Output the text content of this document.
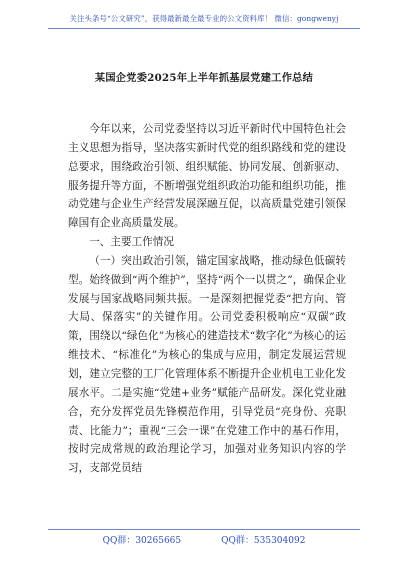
关注头条号“公文研究”，获得最新最全最专业的公文资料库！ 微信：gongwenyj
某国企党委2025年上半年抓基层党建工作总结

今年以来，公司党委坚持以习近平新时代中国特色社会主义思想为指导，坚决落实新时代党的组织路线和党的建设总要求，围绕政治引领、组织赋能、协同发展、创新驱动、服务提升等方面，不断增强党组织政治功能和组织功能，推动党建与企业生产经营发展深融互促，以高质量党建引领保障国有企业高质量发展。

一、主要工作情况

（一）突出政治引领，锚定国家战略，推动绿色低碳转型。始终做到“两个维护”，坚持“两个一以贯之”，确保企业发展与国家战略同频共振。一是深刻把握党委“把方向、管大局、保落实”的关键作用。公司党委积极响应“双碳”政策，围绕以“绿色化”为核心的建造技术“数字化”为核心的运维技术、“标准化”为核心的集成与应用，制定发展运营规划，建立完整的工厂化管理体系不断提升企业机电工业化发展水平。二是实施“党建+业务”赋能产品研发。深化党业融合，充分发挥党员先锋模范作用，引导党员“亮身份、亮职责、比能力”；重视“三会一课”在党建工作中的基石作用，按时完成常规的政治理论学习，加强对业务知识内容的学习，支部党员结

QQ群：30265665	QQ群：535304092
